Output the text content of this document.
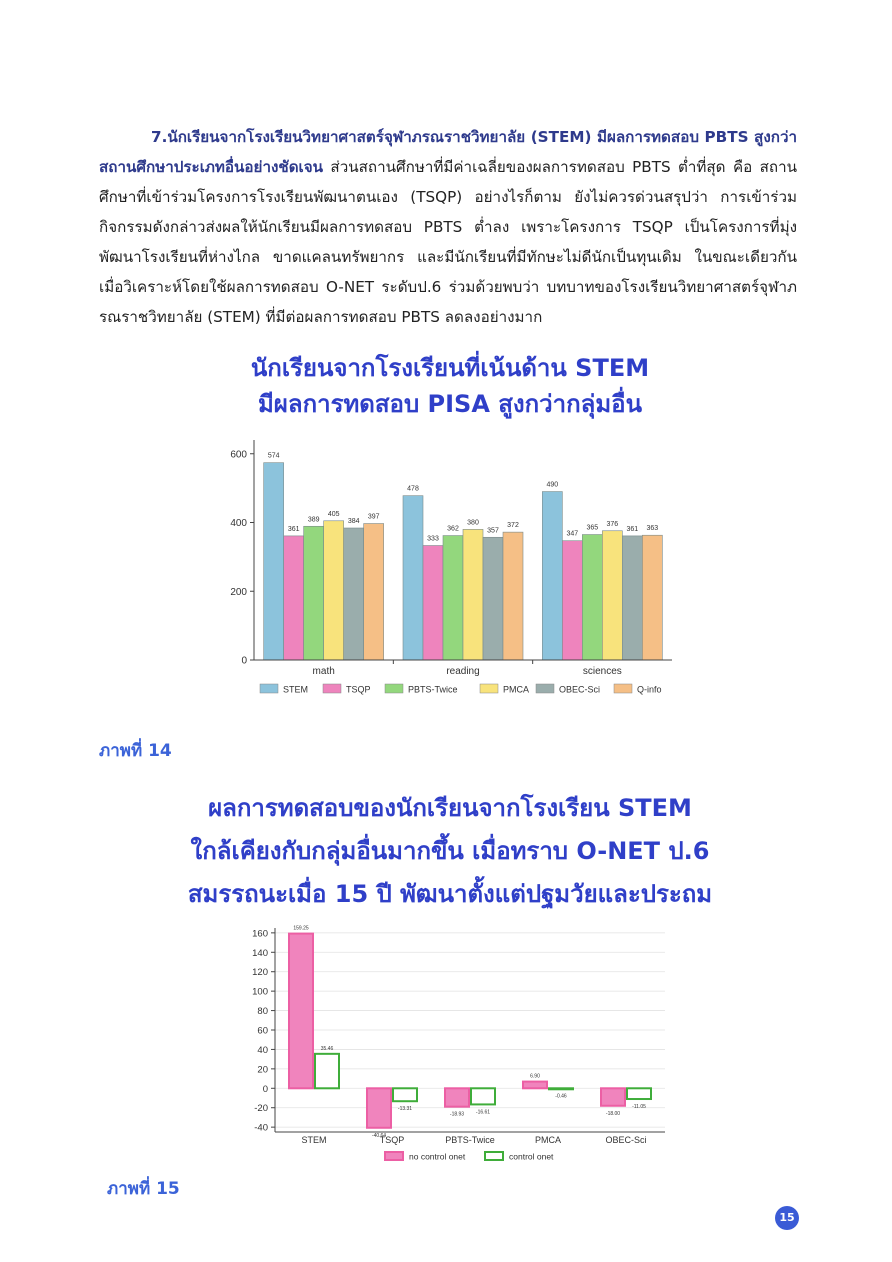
7.นักเรียนจากโรงเรียนวิทยาศาสตร์จุฬาภรณราชวิทยาลัย (STEM) มีผลการทดสอบ PBTS สูงกว่าสถานศึกษาประเภทอื่นอย่างชัดเจน ส่วนสถานศึกษาที่มีค่าเฉลี่ยของผลการทดสอบ PBTS ต่ำที่สุด คือ สถานศึกษาที่เข้าร่วมโครงการโรงเรียนพัฒนาตนเอง (TSQP) อย่างไรก็ตาม ยังไม่ควรด่วนสรุปว่า การเข้าร่วมกิจกรรมดังกล่าวส่งผลให้นักเรียนมีผลการทดสอบ PBTS ต่ำลง เพราะโครงการ TSQP เป็นโครงการที่มุ่งพัฒนาโรงเรียนที่ห่างไกล ขาดแคลนทรัพยากร และมีนักเรียนที่มีทักษะไม่ดีนักเป็นทุนเดิม ในขณะเดียวกัน เมื่อวิเคราะห์โดยใช้ผลการทดสอบ O-NET ระดับป.6 ร่วมด้วยพบว่า บทบาทของโรงเรียนวิทยาศาสตร์จุฬาภรณราชวิทยาลัย (STEM) ที่มีต่อผลการทดสอบ PBTS ลดลงอย่างมาก
นักเรียนจากโรงเรียนที่เน้นด้าน STEM
มีผลการทดสอบ PISA สูงกว่ากลุ่มอื่น
0
200
400
600	574
361
389
405
384
397
math
478
333
362
380
357
372
reading
490
347
365
376
361 363
sciences
STEM	TSQP	PBTS-Twice	PMCA	OBEC-Sci	Q-info
ภาพที่ 14
ผลการทดสอบของนักเรียนจากโรงเรียน STEM
ใกล้เคียงกับกลุ่มอื่นมากขึ้น เมื่อทราบ O-NET ป.6
สมรรถนะเมื่อ 15 ปี พัฒนาตั้งแต่ปฐมวัยและประถม
-40
-20
0
20
40
60
80
100
120
140
160	159.25
35.46
STEM	-40.64
-13.31
TSQP
-18.93 -16.61
PBTS-Twice
6.90
-0.46
PMCA
-18.00
-11.05
OBEC-Sci
no control onet	control onet
ภาพที่ 15
15
